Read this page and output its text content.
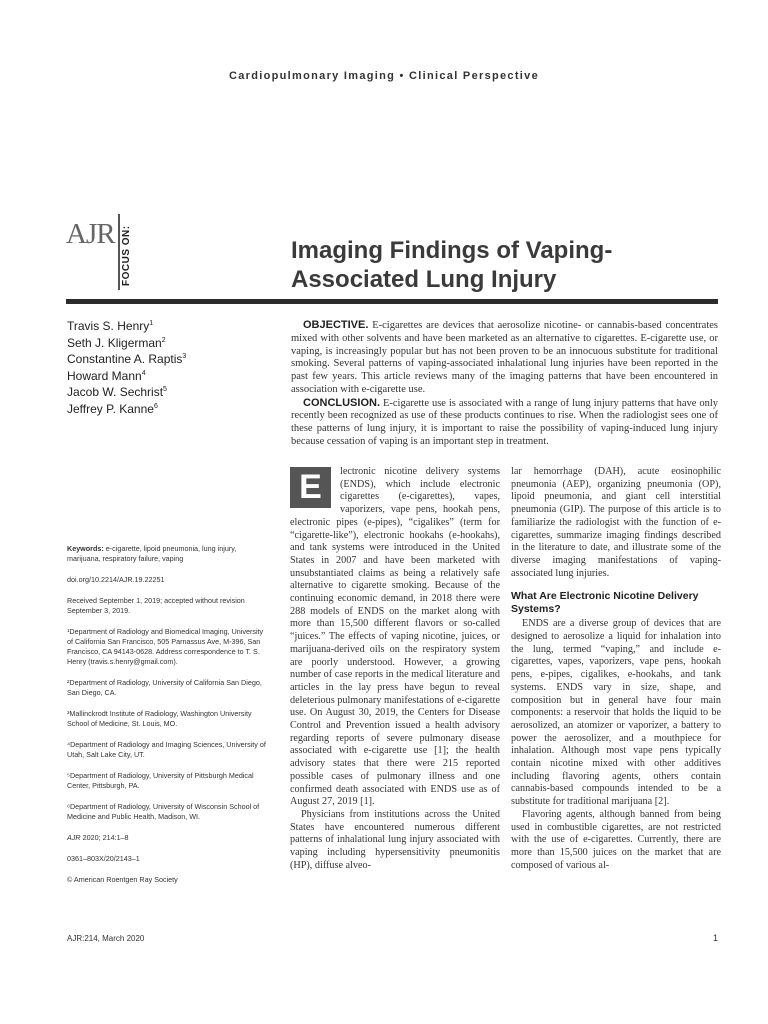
Cardiopulmonary Imaging • Clinical Perspective
AJR FOCUS ON:	Imaging Findings of Vaping-Associated Lung Injury
Travis S. Henry$^1$
Seth J. Kligerman$^2$
Constantine A. Raptis$^3$
Howard Mann$^4$
Jacob W. Sechrist$^5$
Jeffrey P. Kanne$^6$

OBJECTIVE. E-cigarettes are devices that aerosolize nicotine- or cannabis-based concentrates mixed with other solvents and have been marketed as an alternative to cigarettes. E-cigarette use, or vaping, is increasingly popular but has not been proven to be an innocuous substitute for traditional smoking. Several patterns of vaping-associated inhalational lung injuries have been reported in the past few years. This article reviews many of the imaging patterns that have been encountered in association with e-cigarette use.

CONCLUSION. E-cigarette use is associated with a range of lung injury patterns that have only recently been recognized as use of these products continues to rise. When the radiologist sees one of these patterns of lung injury, it is important to raise the possibility of vaping-induced lung injury because cessation of vaping is an important step in treatment.

Keywords: e-cigarette, lipoid pneumonia, lung injury, marijuana, respiratory failure, vaping
doi.org/10.2214/AJR.19.22251
Received September 1, 2019; accepted without revision September 3, 2019.
¹Department of Radiology and Biomedical Imaging, University of California San Francisco, 505 Parnassus Ave, M-396, San Francisco, CA 94143-0628. Address correspondence to T. S. Henry (travis.s.henry@gmail.com).
²Department of Radiology, University of California San Diego, San Diego, CA.
³Mallinckrodt Institute of Radiology, Washington University School of Medicine, St. Louis, MO.
⁴Department of Radiology and Imaging Sciences, University of Utah, Salt Lake City, UT.
⁵Department of Radiology, University of Pittsburgh Medical Center, Pittsburgh, PA.
⁶Department of Radiology, University of Wisconsin School of Medicine and Public Health, Madison, WI.
AJR 2020; 214:1–8
0361–803X/20/2143–1
© American Roentgen Ray Society

E	lectronic nicotine delivery systems (ENDS), which include electronic cigarettes (e-cigarettes), vapes, vaporizers, vape pens, hookah pens, electronic pipes (e-pipes), “cigalikes” (term for “cigarette-like”), electronic hookahs (e-hookahs), and tank systems were introduced in the United States in 2007 and have been marketed with unsubstantiated claims as being a relatively safe alternative to cigarette smoking. Because of the continuing economic demand, in 2018 there were 288 models of ENDS on the market along with more than 15,500 different flavors or so-called “juices.” The effects of vaping nicotine, juices, or marijuana-derived oils on the respiratory system are poorly understood. However, a growing number of case reports in the medical literature and articles in the lay press have begun to reveal deleterious pulmonary manifestations of e-cigarette use. On August 30, 2019, the Centers for Disease Control and Prevention issued a health advisory regarding reports of severe pulmonary disease associated with e-cigarette use [1]; the health advisory states that there were 215 reported possible cases of pulmonary illness and one confirmed death associated with ENDS use as of August 27, 2019 [1].

Physicians from institutions across the United States have encountered numerous different patterns of inhalational lung injury associated with vaping including hypersensitivity pneumonitis (HP), diffuse alveo-

lar hemorrhage (DAH), acute eosinophilic pneumonia (AEP), organizing pneumonia (OP), lipoid pneumonia, and giant cell interstitial pneumonia (GIP). The purpose of this article is to familiarize the radiologist with the function of e-cigarettes, summarize imaging findings described in the literature to date, and illustrate some of the diverse imaging manifestations of vaping-associated lung injuries.

What Are Electronic Nicotine Delivery Systems?

ENDS are a diverse group of devices that are designed to aerosolize a liquid for inhalation into the lung, termed “vaping,” and include e-cigarettes, vapes, vaporizers, vape pens, hookah pens, e-pipes, cigalikes, e-hookahs, and tank systems. ENDS vary in size, shape, and composition but in general have four main components: a reservoir that holds the liquid to be aerosolized, an atomizer or vaporizer, a battery to power the aerosolizer, and a mouthpiece for inhalation. Although most vape pens typically contain nicotine mixed with other additives including flavoring agents, others contain cannabis-based compounds intended to be a substitute for traditional marijuana [2].

Flavoring agents, although banned from being used in combustible cigarettes, are not restricted with the use of e-cigarettes. Currently, there are more than 15,500 juices on the market that are composed of various al-

AJR:214, March 2020	1
